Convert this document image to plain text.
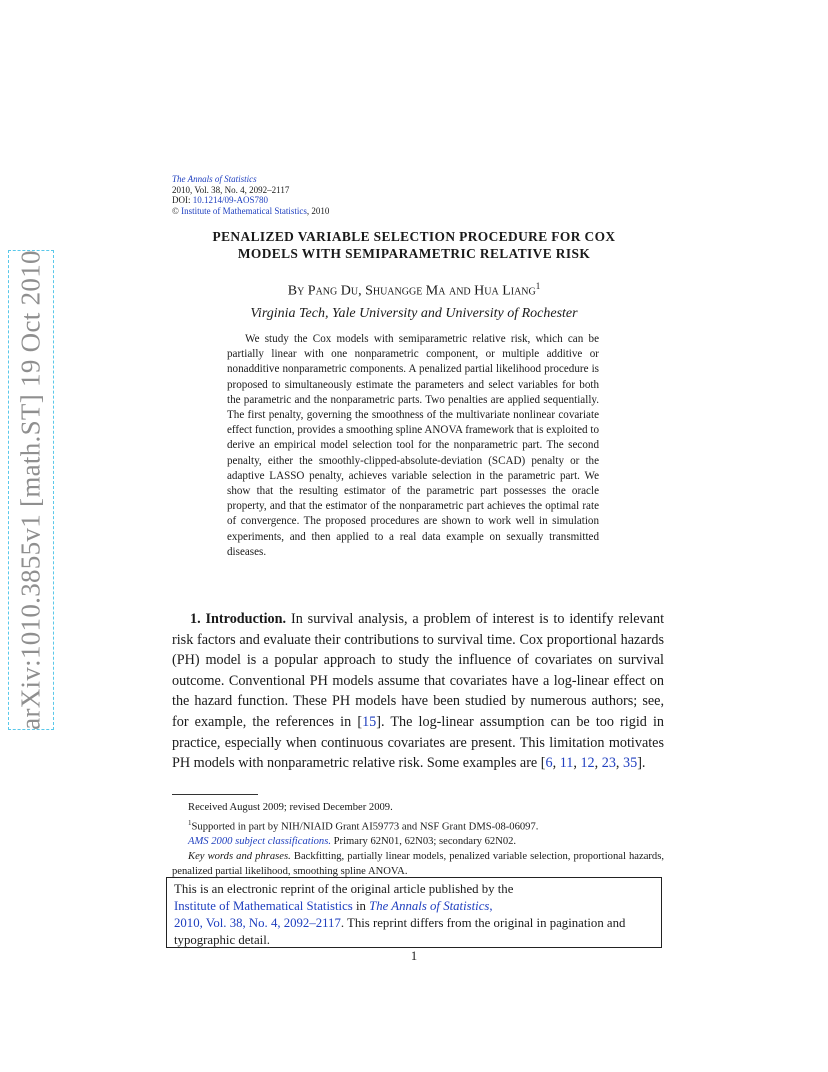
arXiv:1010.3855v1 [math.ST] 19 Oct 2010
The Annals of Statistics
2010, Vol. 38, No. 4, 2092–2117
DOI: 10.1214/09-AOS780
© Institute of Mathematical Statistics, 2010
PENALIZED VARIABLE SELECTION PROCEDURE FOR COX
MODELS WITH SEMIPARAMETRIC RELATIVE RISK
By Pang Du, Shuangge Ma and Hua Liang$^1$
Virginia Tech, Yale University and University of Rochester

We study the Cox models with semiparametric relative risk, which can be partially linear with one nonparametric component, or multiple additive or nonadditive nonparametric components. A penalized partial likelihood procedure is proposed to simultaneously estimate the parameters and select variables for both the parametric and the nonparametric parts. Two penalties are applied sequentially. The first penalty, governing the smoothness of the multivariate nonlinear covariate effect function, provides a smoothing spline ANOVA framework that is exploited to derive an empirical model selection tool for the nonparametric part. The second penalty, either the smoothly-clipped-absolute-deviation (SCAD) penalty or the adaptive LASSO penalty, achieves variable selection in the parametric part. We show that the resulting estimator of the parametric part possesses the oracle property, and that the estimator of the nonparametric part achieves the optimal rate of convergence. The proposed procedures are shown to work well in simulation experiments, and then applied to a real data example on sexually transmitted diseases.

1. Introduction. In survival analysis, a problem of interest is to identify relevant risk factors and evaluate their contributions to survival time. Cox proportional hazards (PH) model is a popular approach to study the influence of covariates on survival outcome. Conventional PH models assume that covariates have a log-linear effect on the hazard function. These PH models have been studied by numerous authors; see, for example, the references in [15]. The log-linear assumption can be too rigid in practice, especially when continuous covariates are present. This limitation motivates PH models with nonparametric relative risk. Some examples are [6, 11, 12, 23, 35].

Received August 2009; revised December 2009.
$^1$Supported in part by NIH/NIAID Grant AI59773 and NSF Grant DMS-08-06097.
AMS 2000 subject classifications. Primary 62N01, 62N03; secondary 62N02.
Key words and phrases. Backfitting, partially linear models, penalized variable selection, proportional hazards, penalized partial likelihood, smoothing spline ANOVA.
This is an electronic reprint of the original article published by the
Institute of Mathematical Statistics in The Annals of Statistics,
2010, Vol. 38, No. 4, 2092–2117. This reprint differs from the original in pagination and typographic detail.
1
